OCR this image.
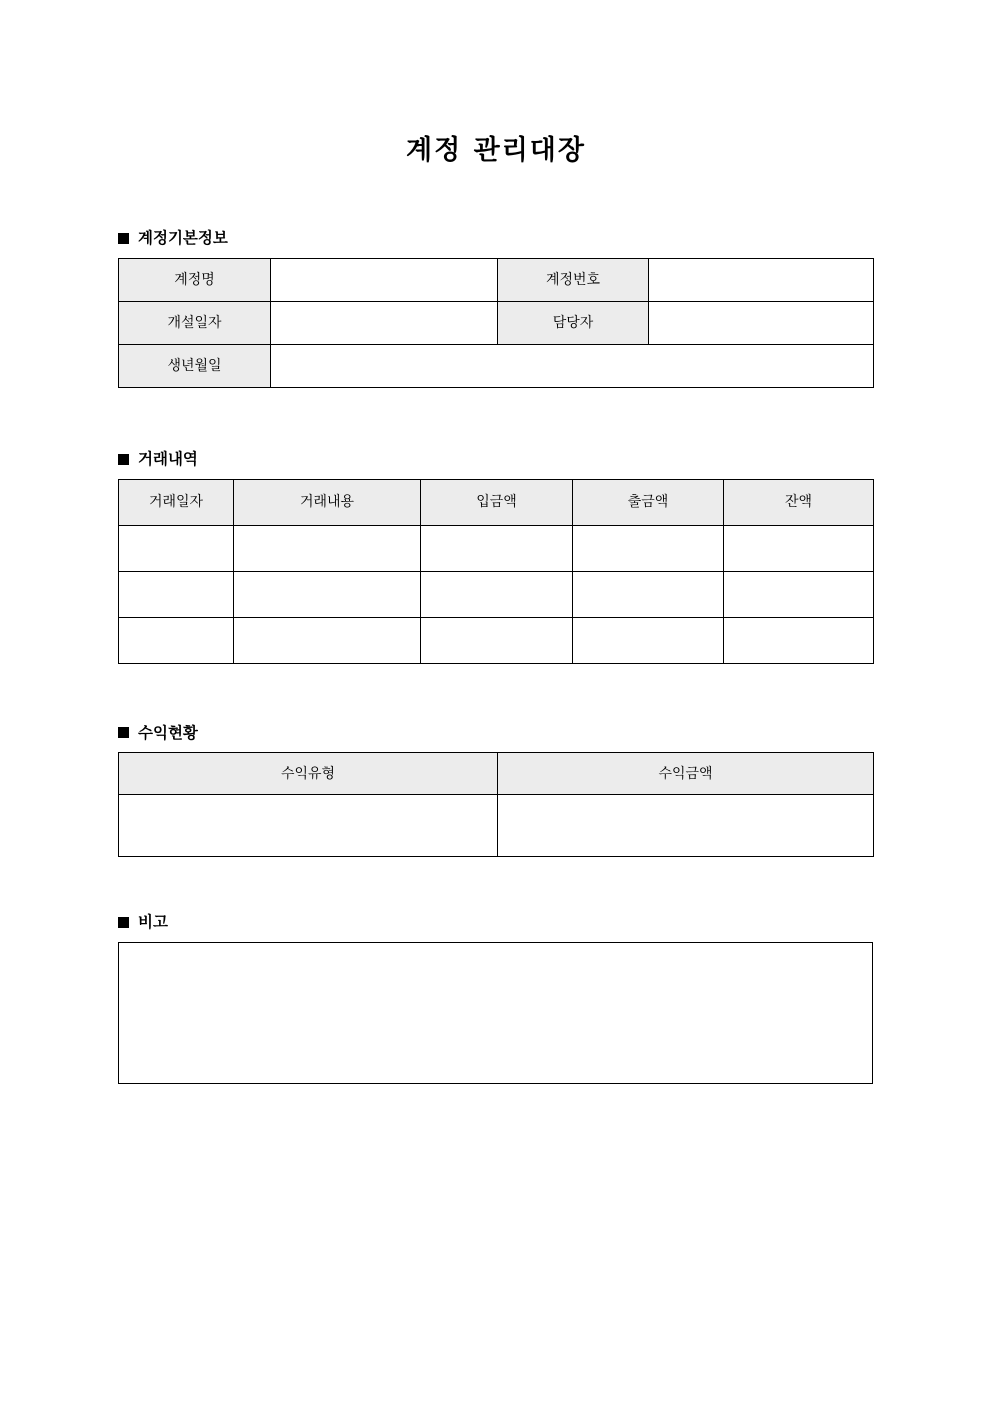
계정 관리대장
계정기본정보
계정명		계정번호	
개설일자		담당자	
생년월일			
거래내역
거래일자	거래내용	입금액	출금액	잔액

수익현황
수익유형	수익금액

비고
